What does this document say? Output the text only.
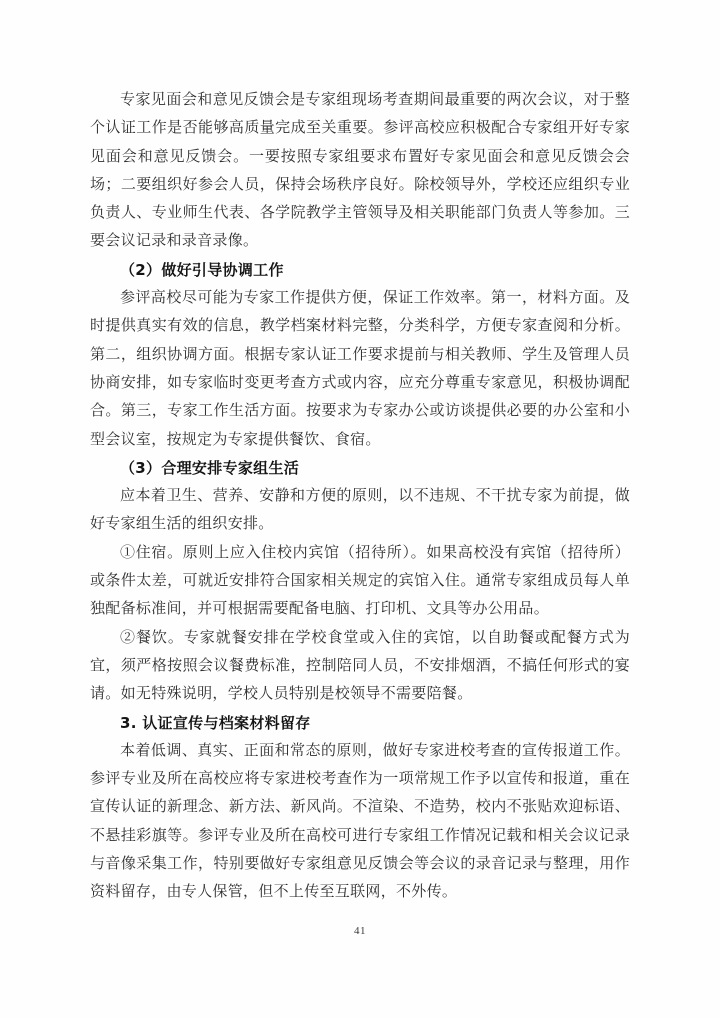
专家见面会和意见反馈会是专家组现场考查期间最重要的两次会议，对于整个认证工作是否能够高质量完成至关重要。参评高校应积极配合专家组开好专家见面会和意见反馈会。一要按照专家组要求布置好专家见面会和意见反馈会会场；二要组织好参会人员，保持会场秩序良好。除校领导外，学校还应组织专业负责人、专业师生代表、各学院教学主管领导及相关职能部门负责人等参加。三要会议记录和录音录像。

（2）做好引导协调工作

参评高校尽可能为专家工作提供方便，保证工作效率。第一，材料方面。及时提供真实有效的信息，教学档案材料完整，分类科学，方便专家查阅和分析。第二，组织协调方面。根据专家认证工作要求提前与相关教师、学生及管理人员协商安排，如专家临时变更考查方式或内容，应充分尊重专家意见，积极协调配合。第三，专家工作生活方面。按要求为专家办公或访谈提供必要的办公室和小型会议室，按规定为专家提供餐饮、食宿。

（3）合理安排专家组生活

应本着卫生、营养、安静和方便的原则，以不违规、不干扰专家为前提，做好专家组生活的组织安排。

①住宿。原则上应入住校内宾馆（招待所）。如果高校没有宾馆（招待所）或条件太差，可就近安排符合国家相关规定的宾馆入住。通常专家组成员每人单独配备标准间，并可根据需要配备电脑、打印机、文具等办公用品。

②餐饮。专家就餐安排在学校食堂或入住的宾馆，以自助餐或配餐方式为宜，须严格按照会议餐费标准，控制陪同人员，不安排烟酒，不搞任何形式的宴请。如无特殊说明，学校人员特别是校领导不需要陪餐。

3. 认证宣传与档案材料留存

本着低调、真实、正面和常态的原则，做好专家进校考查的宣传报道工作。参评专业及所在高校应将专家进校考查作为一项常规工作予以宣传和报道，重在宣传认证的新理念、新方法、新风尚。不渲染、不造势，校内不张贴欢迎标语、不悬挂彩旗等。参评专业及所在高校可进行专家组工作情况记载和相关会议记录与音像采集工作，特别要做好专家组意见反馈会等会议的录音记录与整理，用作资料留存，由专人保管，但不上传至互联网，不外传。

41
